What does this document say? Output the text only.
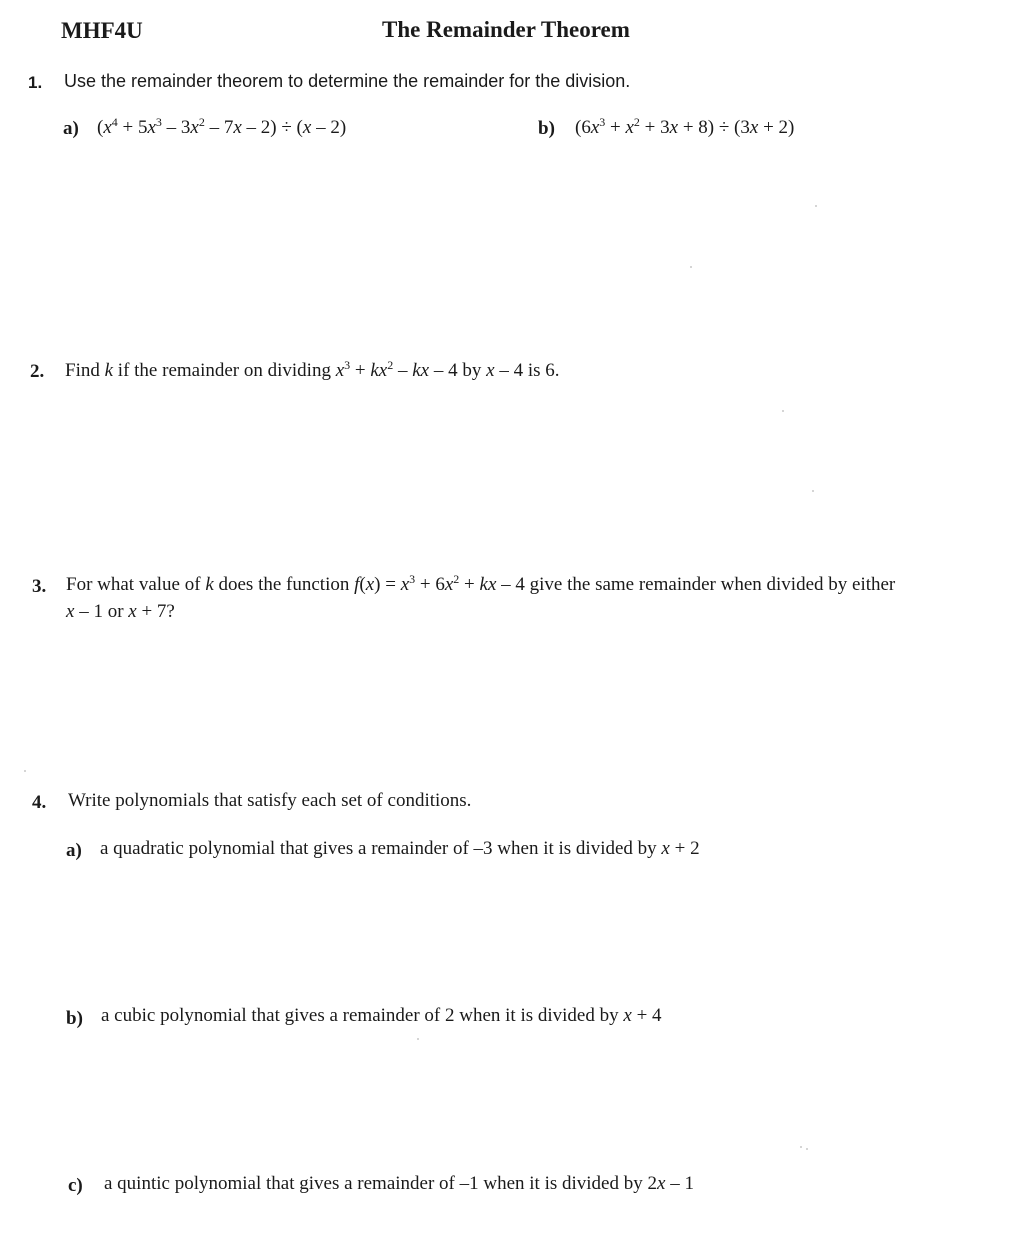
MHF4U	The Remainder Theorem
1. Use the remainder theorem to determine the remainder for the division.
a) $(x^4 + 5x^3 - 3x^2 - 7x - 2) \div (x - 2)$	b) $(6x^3 + x^2 + 3x + 8) \div (3x + 2)$
2. Find k if the remainder on dividing $x^3 + kx^2$ – kx – 4 by x – 4 is 6.
3. For what value of k does the function $f(x) = x^3 + 6x^2$ + kx – 4 give the same remainder when divided by either
x – 1 or x + 7?
4. Write polynomials that satisfy each set of conditions.
a) a quadratic polynomial that gives a remainder of –3 when it is divided by x + 2
b) a cubic polynomial that gives a remainder of 2 when it is divided by x + 4
c) a quintic polynomial that gives a remainder of –1 when it is divided by 2x – 1
